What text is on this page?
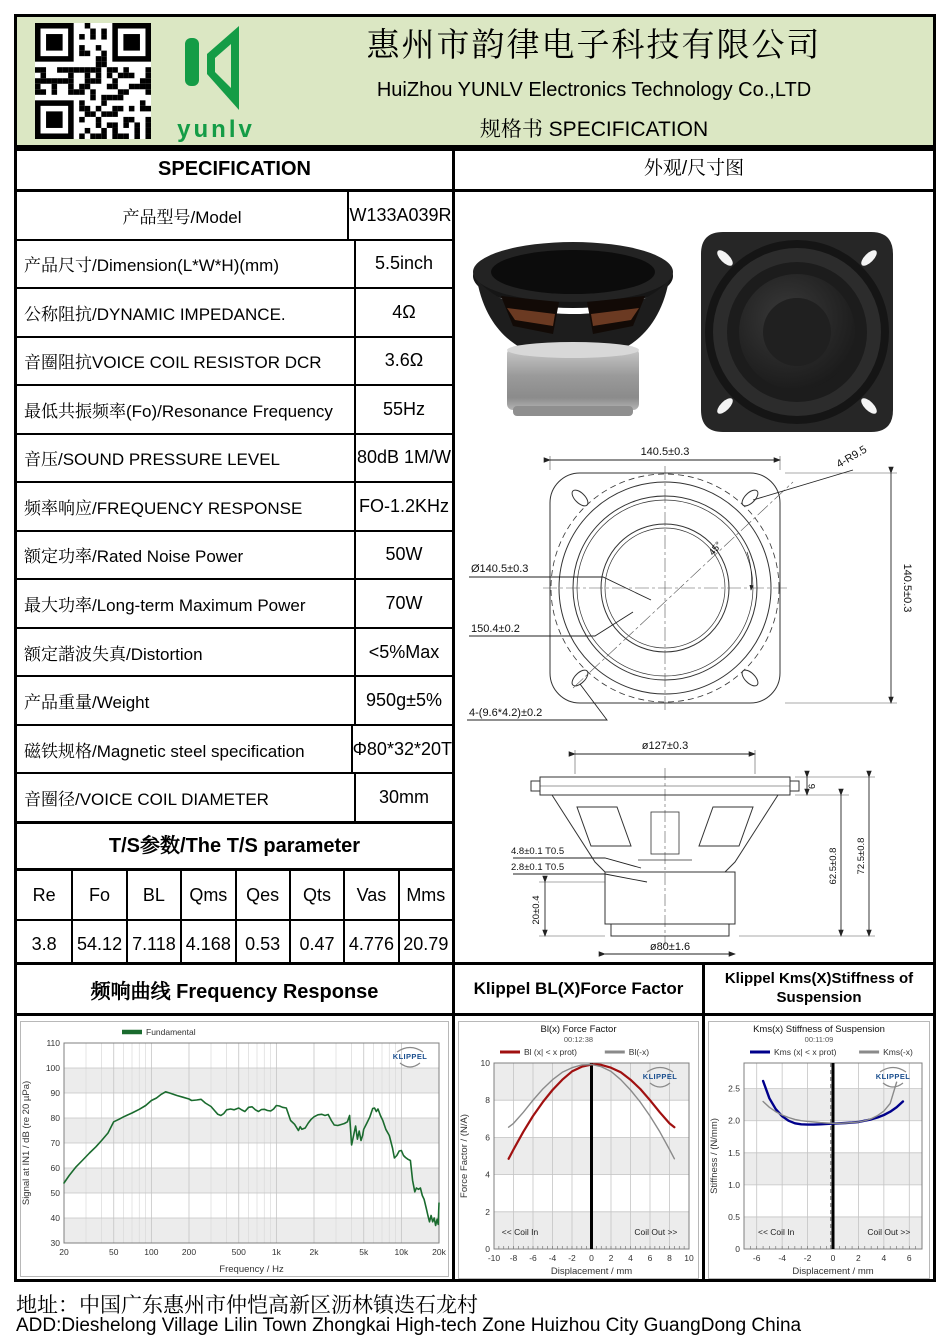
yunlv
惠州市韵律电子科技有限公司
HuiZhou YUNLV Electronics Technology Co.,LTD
规格书 SPECIFICATION
SPECIFICATION
产品型号/Model	W133A039R
产品尺寸/Dimension(L*W*H)(mm)	5.5inch
公称阻抗/DYNAMIC IMPEDANCE.	4Ω
音圈阻抗VOICE COIL RESISTOR DCR	3.6Ω
最低共振频率(Fo)/Resonance Frequency	55Hz
音压/SOUND PRESSURE LEVEL	80dB 1M/W
频率响应/FREQUENCY RESPONSE	FO-1.2KHz
额定功率/Rated Noise Power	50W
最大功率/Long-term Maximum Power	70W
额定諧波失真/Distortion	<5%Max
产品重量/Weight	950g±5%
磁铁规格/Magnetic steel specification	Φ80*32*20T
音圈径/VOICE COIL DIAMETER	30mm
T/S参数/The T/S parameter
Re	Fo	BL	Qms	Qes	Qts	Vas	Mms
3.8	54.12 7.118 4.168 0.53	0.47 4.776 20.79
外观/尺寸图
140.5±0.3
140.5±0.3
4-R9.5
45°
Ø140.5±0.3
150.4±0.2
4-(9.6*4.2)±0.2
ø127±0.3
6
62.5±0.8 72.5±0.8
4.8±0.1 T0.5
2.8±0.1 T0.5
20±0.4
ø80±1.6
频响曲线 Frequency Response
20	50	100	200	500	1k	2k	5k	10k	20k
30
40
50
60
70
80
90
100
110
Frequency / Hz
Signal at IN1 / dB (re 20 µPa)
Fundamental
KLIPPEL
Klippel BL(X)Force Factor
-10 -8 -6 -4 -2 0 2 4 6 8 10
0
2
4
6
8
10
Displacement / mm
Force Factor / (N/A)
Bl(x) Force Factor
00:12:38
Bl (x| < x prot)	Bl(-x)
<< Coil In	Coil Out >>
KLIPPEL
Klippel Kms(X)Stiffness of Suspension
-6 -4 -2 0 2 4 6
0
0.5
1.0
1.5
2.0
2.5
Displacement / mm
Stiffness / (N/mm)
Kms(x) Stiffness of Suspension
00:11:09
Kms (x| < x prot)	Kms(-x)
<< Coil In	Coil Out >>
KLIPPEL
地址：中国广东惠州市仲恺高新区沥林镇迭石龙村
ADD:Dieshelong Village Lilin Town Zhongkai High-tech Zone Huizhou City GuangDong China
